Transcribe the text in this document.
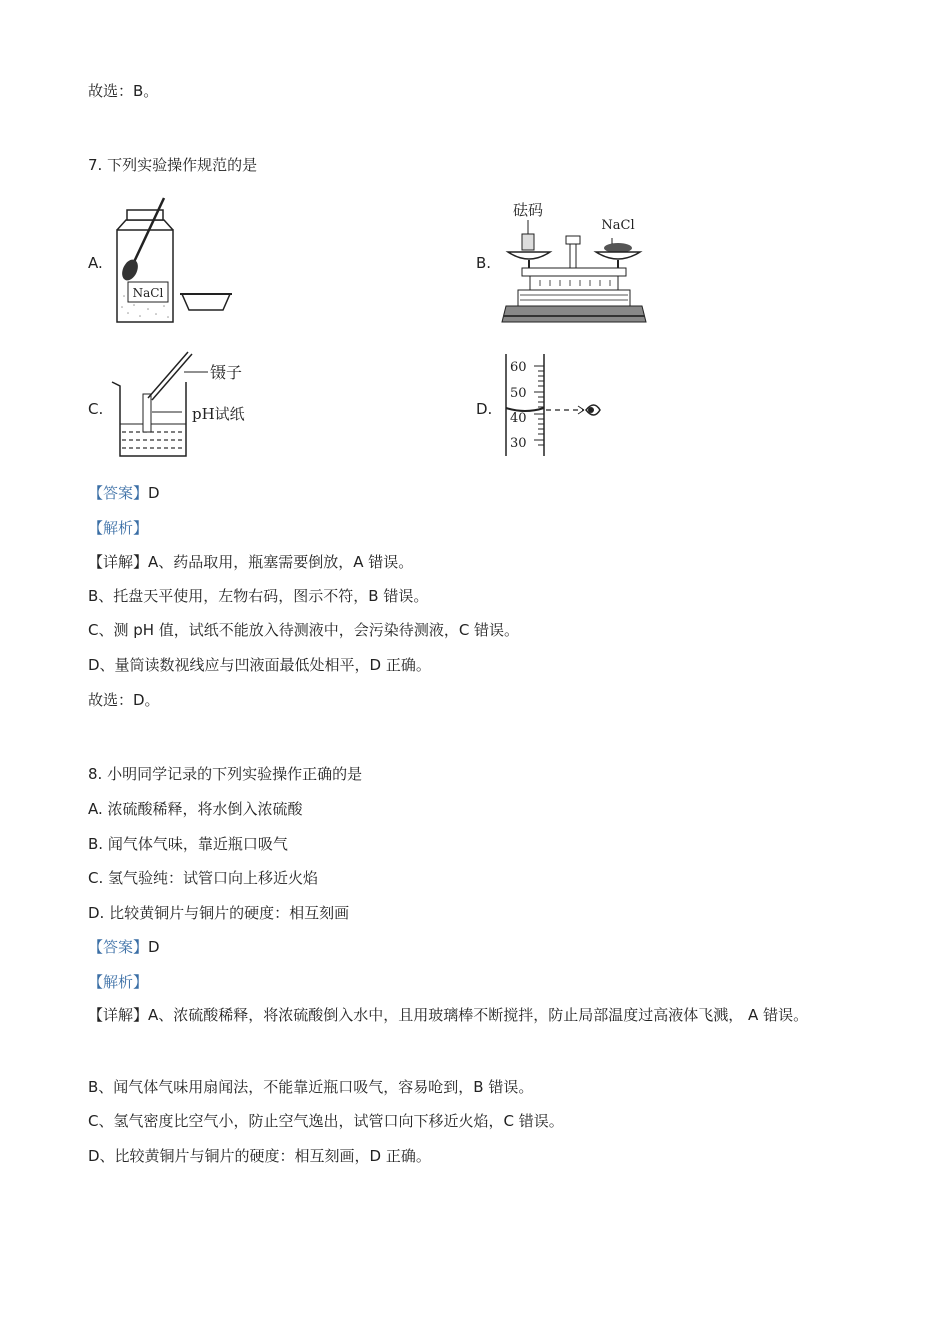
故选：B。
7. 下列实验操作规范的是
A.
NaCl
B.
砝码
NaCl
C.
镊子
pH试纸	D.
60
50
40
30
【答案】D
【解析】
【详解】A、药品取用，瓶塞需要倒放，A 错误。
B、托盘天平使用，左物右码，图示不符，B 错误。
C、测 pH 值，试纸不能放入待测液中，会污染待测液，C 错误。
D、量筒读数视线应与凹液面最低处相平，D 正确。
故选：D。
8. 小明同学记录的下列实验操作正确的是
A. 浓硫酸稀释，将水倒入浓硫酸
B. 闻气体气味，靠近瓶口吸气
C. 氢气验纯：试管口向上移近火焰
D. 比较黄铜片与铜片的硬度：相互刻画
【答案】D
【解析】
【详解】A、浓硫酸稀释，将浓硫酸倒入水中，且用玻璃棒不断搅拌，防止局部温度过高液体飞溅， A 错误。
B、闻气体气味用扇闻法，不能靠近瓶口吸气，容易呛到，B 错误。
C、氢气密度比空气小，防止空气逸出，试管口向下移近火焰，C 错误。
D、比较黄铜片与铜片的硬度：相互刻画，D 正确。
